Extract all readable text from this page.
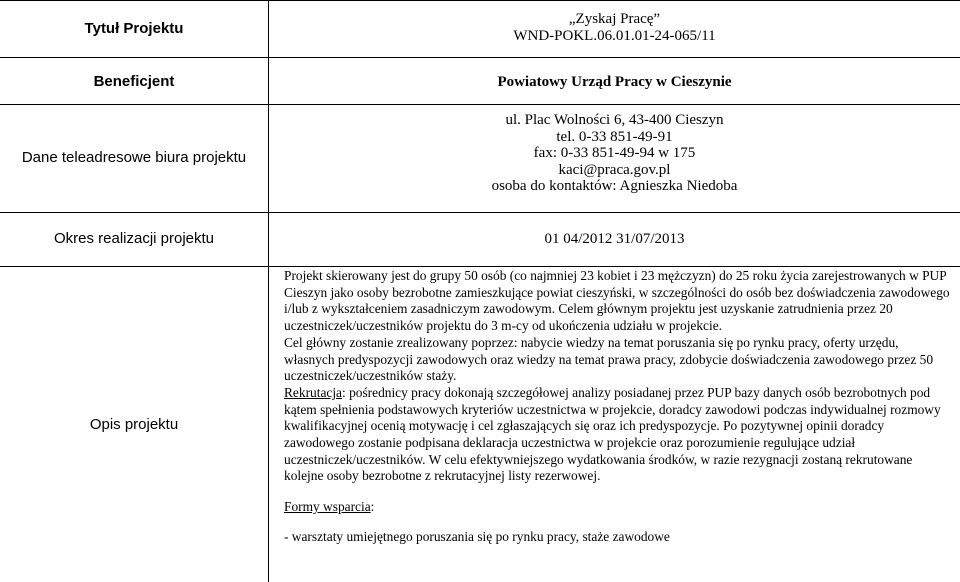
Tytuł Projektu
„Zyskaj Pracę”
WND-POKL.06.01.01-24-065/11
Beneficjent	Powiatowy Urząd Pracy w Cieszynie
Dane teleadresowe biura projektu
ul. Plac Wolności 6, 43-400 Cieszyn
tel. 0-33 851-49-91
fax: 0-33 851-49-94 w 175
kaci@praca.gov.pl
osoba do kontaktów: Agnieszka Niedoba
Okres realizacji projektu	01 04/2012 31/07/2013
Opis projektu

Projekt skierowany jest do grupy 50 osób (co najmniej 23 kobiet i 23 mężczyzn) do 25 roku życia zarejestrowanych w PUP Cieszyn jako osoby bezrobotne zamieszkujące powiat cieszyński, w szczególności do osób bez doświadczenia zawodowego i/lub z wykształceniem zasadniczym zawodowym. Celem głównym projektu jest uzyskanie zatrudnienia przez 20 uczestniczek/uczestników projektu do 3 m-cy od ukończenia udziału w projekcie.

Cel główny zostanie zrealizowany poprzez: nabycie wiedzy na temat poruszania się po rynku pracy, oferty urzędu, własnych predyspozycji zawodowych oraz wiedzy na temat prawa pracy, zdobycie doświadczenia zawodowego przez 50 uczestniczek/uczestników staży.

Rekrutacja: pośrednicy pracy dokonają szczegółowej analizy posiadanej przez PUP bazy danych osób bezrobotnych pod kątem spełnienia podstawowych kryteriów uczestnictwa w projekcie, doradcy zawodowi podczas indywidualnej rozmowy kwalifikacyjnej ocenią motywację i cel zgłaszających się oraz ich predyspozycje. Po pozytywnej opinii doradcy zawodowego zostanie podpisana deklaracja uczestnictwa w projekcie oraz porozumienie regulujące udział uczestniczek/uczestników. W celu efektywniejszego wydatkowania środków, w razie rezygnacji zostaną rekrutowane kolejne osoby bezrobotne z rekrutacyjnej listy rezerwowej.

Formy wsparcia:

- warsztaty umiejętnego poruszania się po rynku pracy, staże zawodowe
